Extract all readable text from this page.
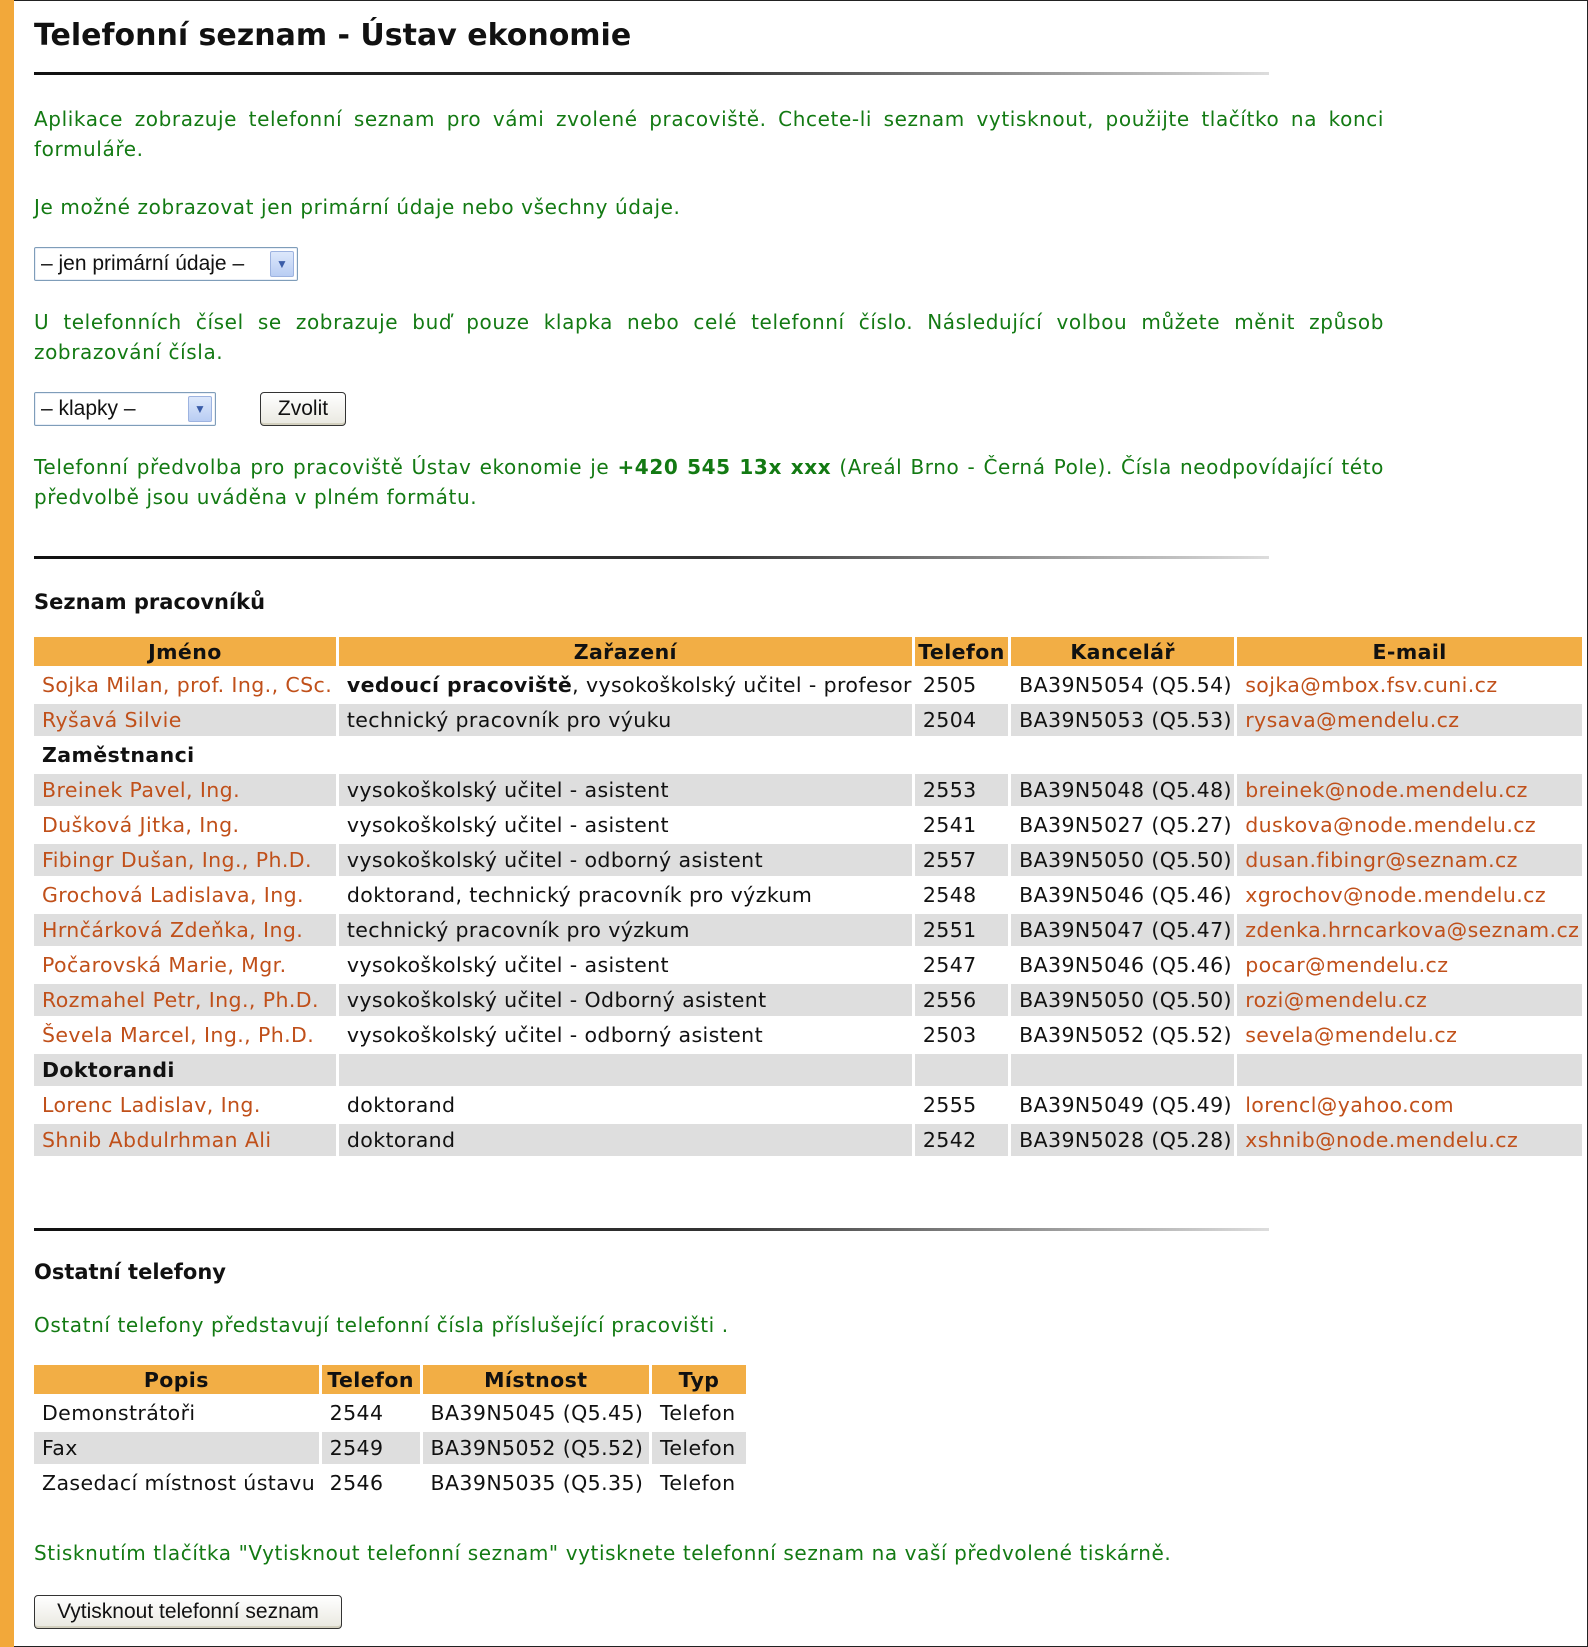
Telefonní seznam - Ústav ekonomie
Aplikace zobrazuje telefonní seznam pro vámi zvolené pracoviště. Chcete-li seznam vytisknout, použijte tlačítko na konci formuláře.
Je možné zobrazovat jen primární údaje nebo všechny údaje.
– jen primární údaje –	▼
U telefonních čísel se zobrazuje buď pouze klapka nebo celé telefonní číslo. Následující volbou můžete měnit způsob zobrazování čísla.
– klapky –	▼	Zvolit
Telefonní předvolba pro pracoviště Ústav ekonomie je +420 545 13x xxx (Areál Brno - Černá Pole). Čísla neodpovídající této předvolbě jsou uváděna v plném formátu.
Seznam pracovníků
Jméno	Zařazení	Telefon	Kancelář	E-mail
Sojka Milan, prof. Ing., CSc.	vedoucí pracoviště, vysokoškolský učitel - profesor	2505	BA39N5054 (Q5.54)	sojka@mbox.fsv.cuni.cz
Ryšavá Silvie	technický pracovník pro výuku	2504	BA39N5053 (Q5.53)	rysava@mendelu.cz
Zaměstnanci				
Breinek Pavel, Ing.	vysokoškolský učitel - asistent	2553	BA39N5048 (Q5.48)	breinek@node.mendelu.cz
Dušková Jitka, Ing.	vysokoškolský učitel - asistent	2541	BA39N5027 (Q5.27)	duskova@node.mendelu.cz
Fibingr Dušan, Ing., Ph.D.	vysokoškolský učitel - odborný asistent	2557	BA39N5050 (Q5.50)	dusan.fibingr@seznam.cz
Grochová Ladislava, Ing.	doktorand, technický pracovník pro výzkum	2548	BA39N5046 (Q5.46)	xgrochov@node.mendelu.cz
Hrnčárková Zdeňka, Ing.	technický pracovník pro výzkum	2551	BA39N5047 (Q5.47)	zdenka.hrncarkova@seznam.cz
Počarovská Marie, Mgr.	vysokoškolský učitel - asistent	2547	BA39N5046 (Q5.46)	pocar@mendelu.cz
Rozmahel Petr, Ing., Ph.D.	vysokoškolský učitel - Odborný asistent	2556	BA39N5050 (Q5.50)	rozi@mendelu.cz
Ševela Marcel, Ing., Ph.D.	vysokoškolský učitel - odborný asistent	2503	BA39N5052 (Q5.52)	sevela@mendelu.cz
Doktorandi				
Lorenc Ladislav, Ing.	doktorand	2555	BA39N5049 (Q5.49)	lorencl@yahoo.com
Shnib Abdulrhman Ali	doktorand	2542	BA39N5028 (Q5.28)	xshnib@node.mendelu.cz
Ostatní telefony
Ostatní telefony představují telefonní čísla příslušející pracovišti .
Popis	Telefon	Místnost	Typ
Demonstrátoři	2544	BA39N5045 (Q5.45)	Telefon
Fax	2549	BA39N5052 (Q5.52)	Telefon
Zasedací místnost ústavu	2546	BA39N5035 (Q5.35)	Telefon
Stisknutím tlačítka "Vytisknout telefonní seznam" vytisknete telefonní seznam na vaší předvolené tiskárně.
Vytisknout telefonní seznam
